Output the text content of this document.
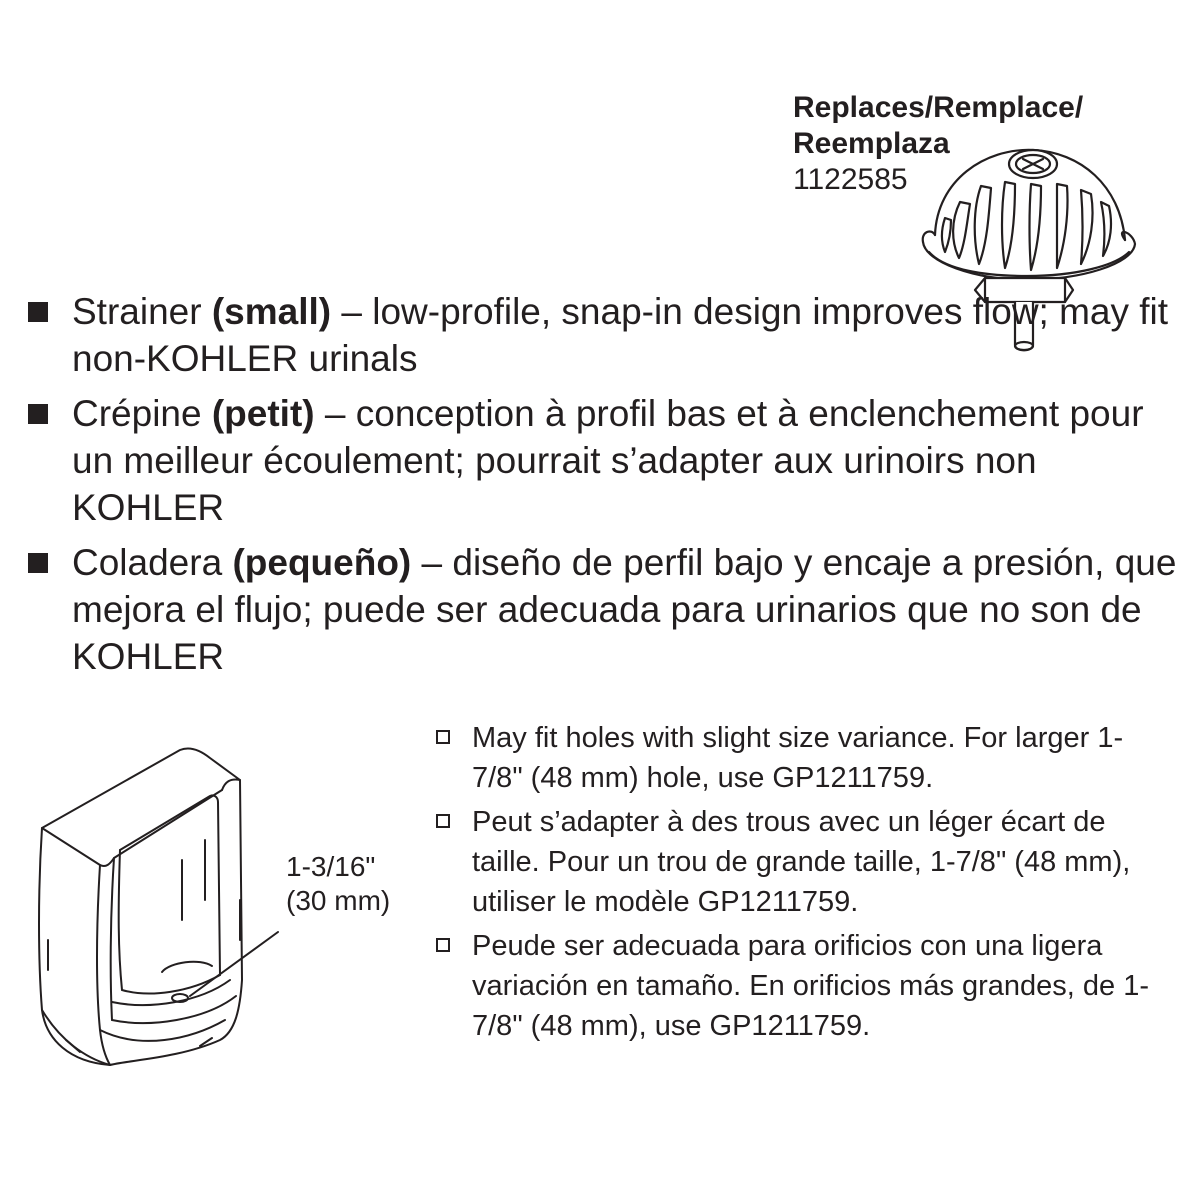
Replaces/Remplace/
Reemplaza
1122585
Strainer (small) – low-profile, snap-in design improves flow; may fit non-KOHLER urinals
Crépine (petit) – conception à profil bas et à enclenchement pour un meilleur écoulement; pourrait s’adapter aux urinoirs non KOHLER
Coladera (pequeño) – diseño de perfil bajo y encaje a presión, que mejora el flujo; puede ser adecuada para urinarios que no son de KOHLER
1-3/16"
(30 mm)
May fit holes with slight size variance. For larger 1-7/8" (48 mm) hole, use GP1211759.
Peut s’adapter à des trous avec un léger écart de taille. Pour un trou de grande taille, 1-7/8" (48 mm), utiliser le modèle GP1211759.
Peude ser adecuada para orificios con una ligera variación en tamaño. En orificios más grandes, de 1-7/8" (48 mm), use GP1211759.
